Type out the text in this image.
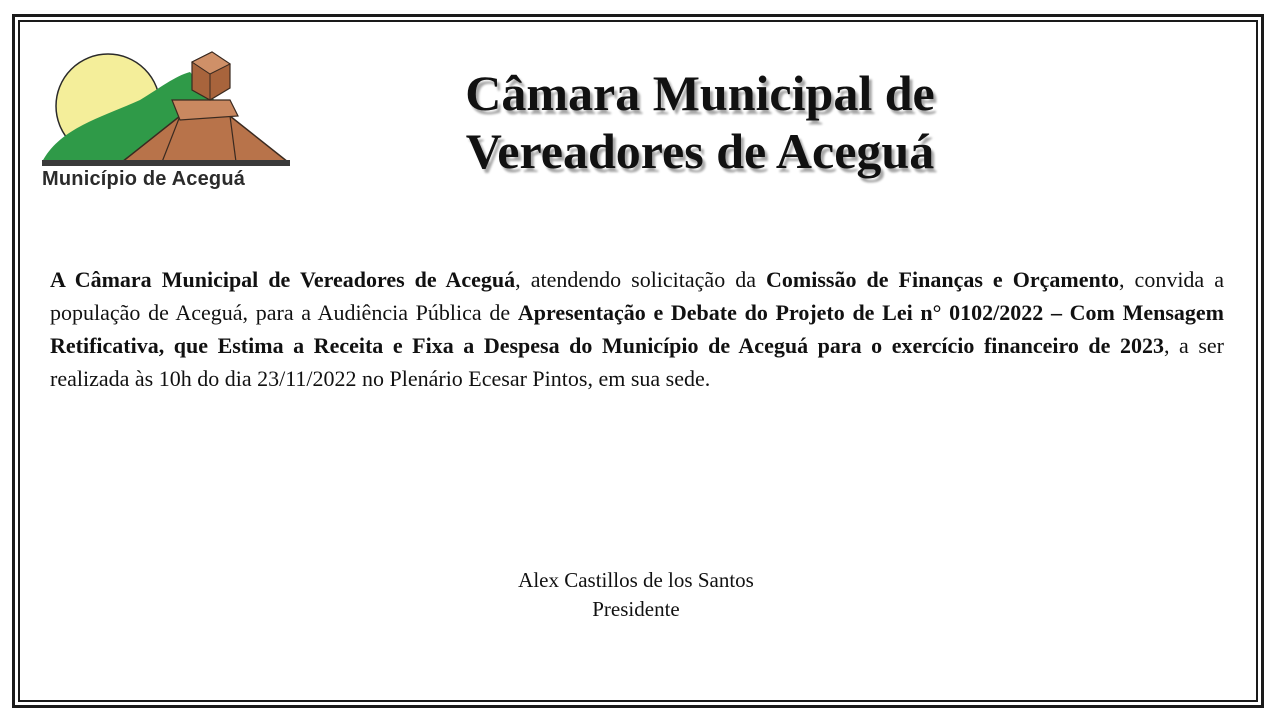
Município de Aceguá
Câmara Municipal de
Vereadores de Aceguá
A Câmara Municipal de Vereadores de Aceguá, atendendo solicitação da Comissão de Finanças e Orçamento, convida a população de Aceguá, para a Audiência Pública de Apresentação e Debate do Projeto de Lei n° 0102/2022 – Com Mensagem Retificativa, que Estima a Receita e Fixa a Despesa do Município de Aceguá para o exercício financeiro de 2023, a ser realizada às 10h do dia 23/11/2022 no Plenário Ecesar Pintos, em sua sede.
Alex Castillos de los Santos
Presidente
